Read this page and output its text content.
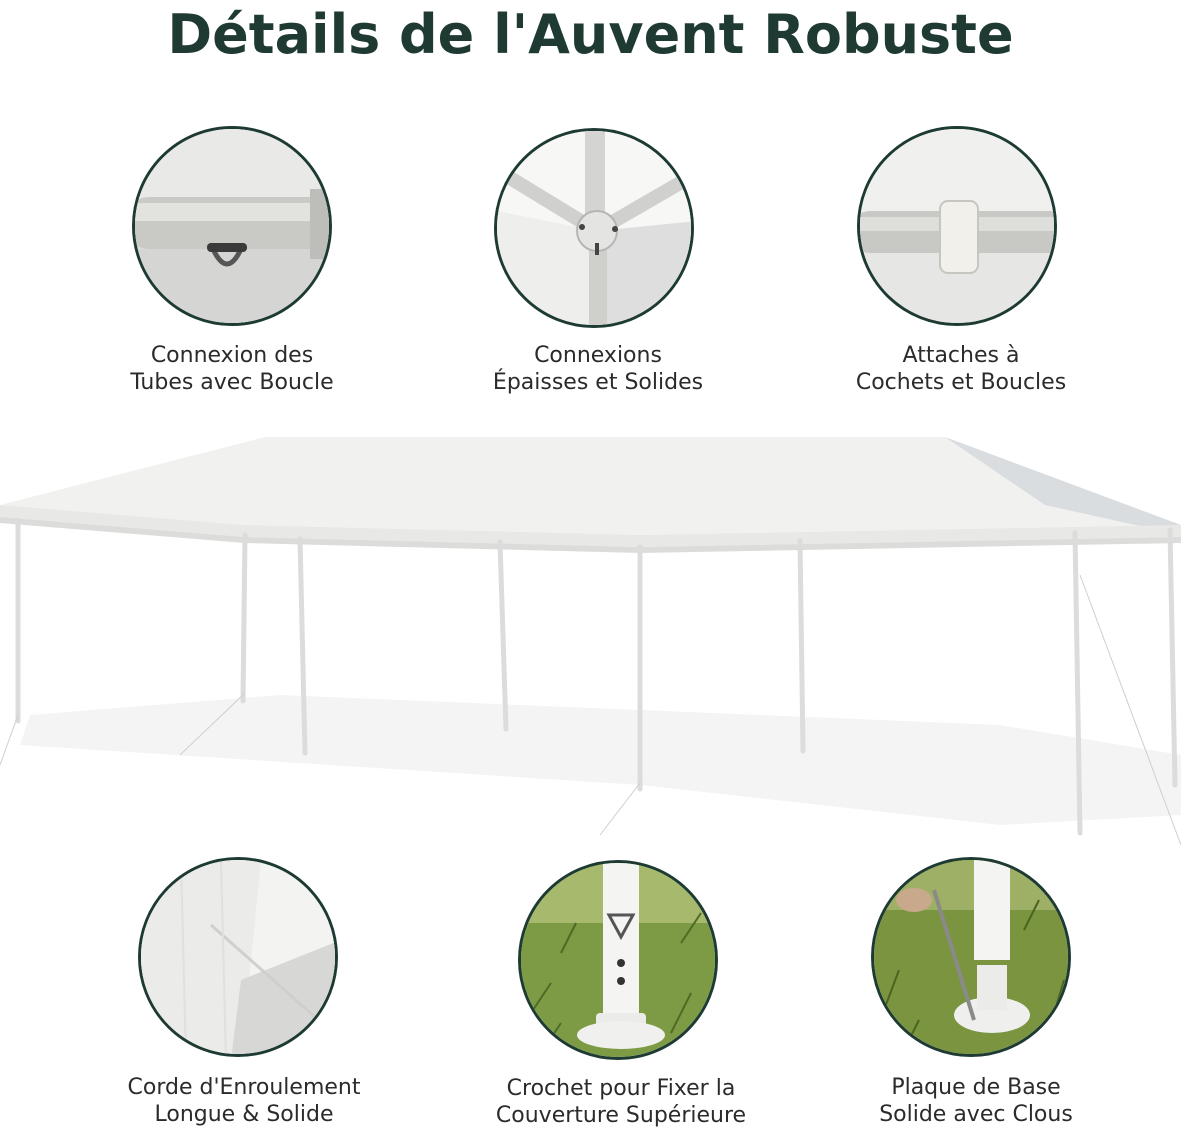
Détails de l'Auvent Robuste
Connexion des
Tubes avec Boucle
Connexions
Épaisses et Solides
Attaches à
Cochets et Boucles
Corde d'Enroulement
Longue & Solide
Crochet pour Fixer la
Couverture Supérieure
Plaque de Base
Solide avec Clous
